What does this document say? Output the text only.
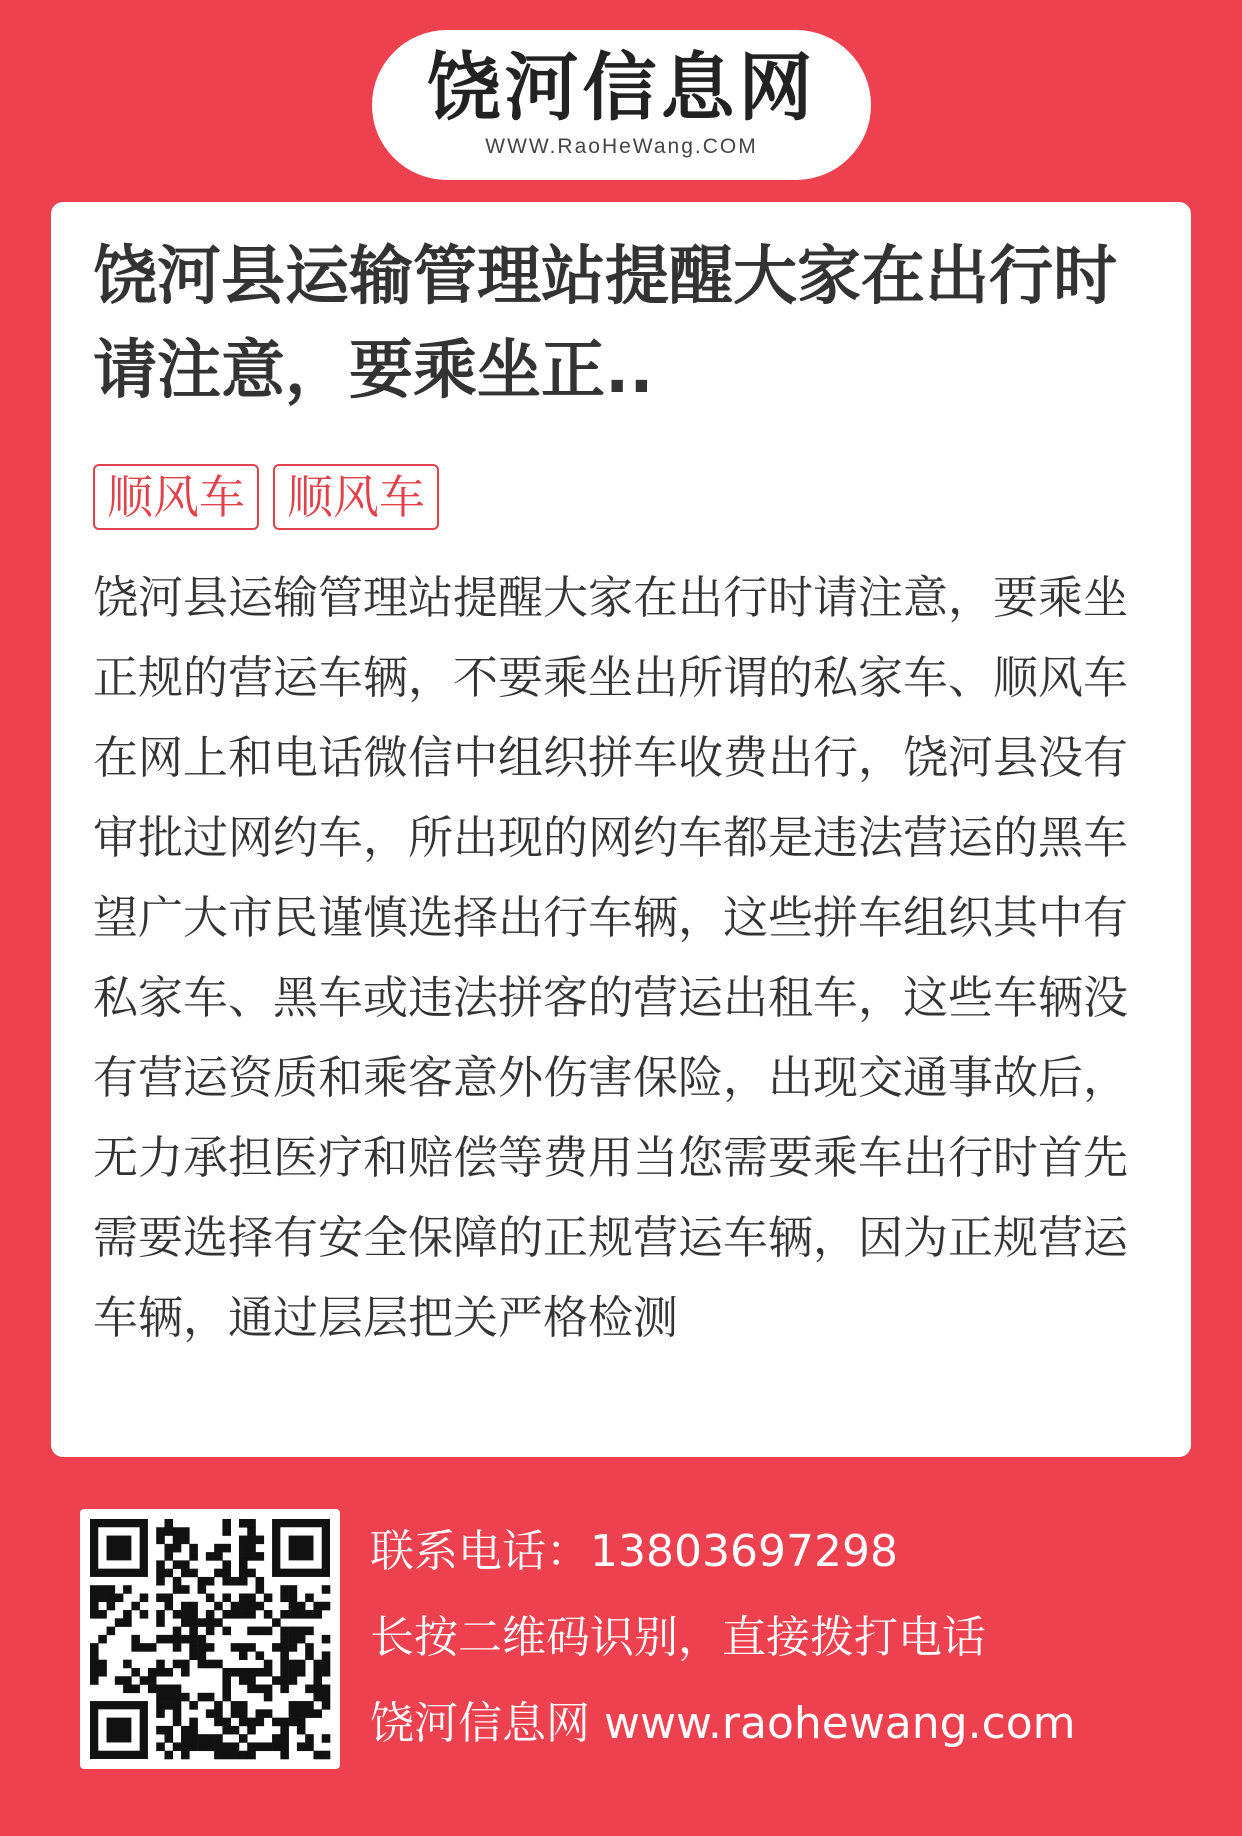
饶河信息网
WWW.RaoHeWang.COM
饶河县运输管理站提醒大家在出行时请注意，要乘坐正..
顺风车 顺风车
饶河县运输管理站提醒大家在出行时请注意，要乘坐正规的营运车辆，不要乘坐出所谓的私家车、顺风车在网上和电话微信中组织拼车收费出行，饶河县没有审批过网约车，所出现的网约车都是违法营运的黑车望广大市民谨慎选择出行车辆，这些拼车组织其中有私家车、黑车或违法拼客的营运出租车，这些车辆没有营运资质和乘客意外伤害保险，出现交通事故后，无力承担医疗和赔偿等费用当您需要乘车出行时首先需要选择有安全保障的正规营运车辆，因为正规营运车辆，通过层层把关严格检测
联系电话：13803697298
长按二维码识别，直接拨打电话
饶河信息网 www.raohewang.com
